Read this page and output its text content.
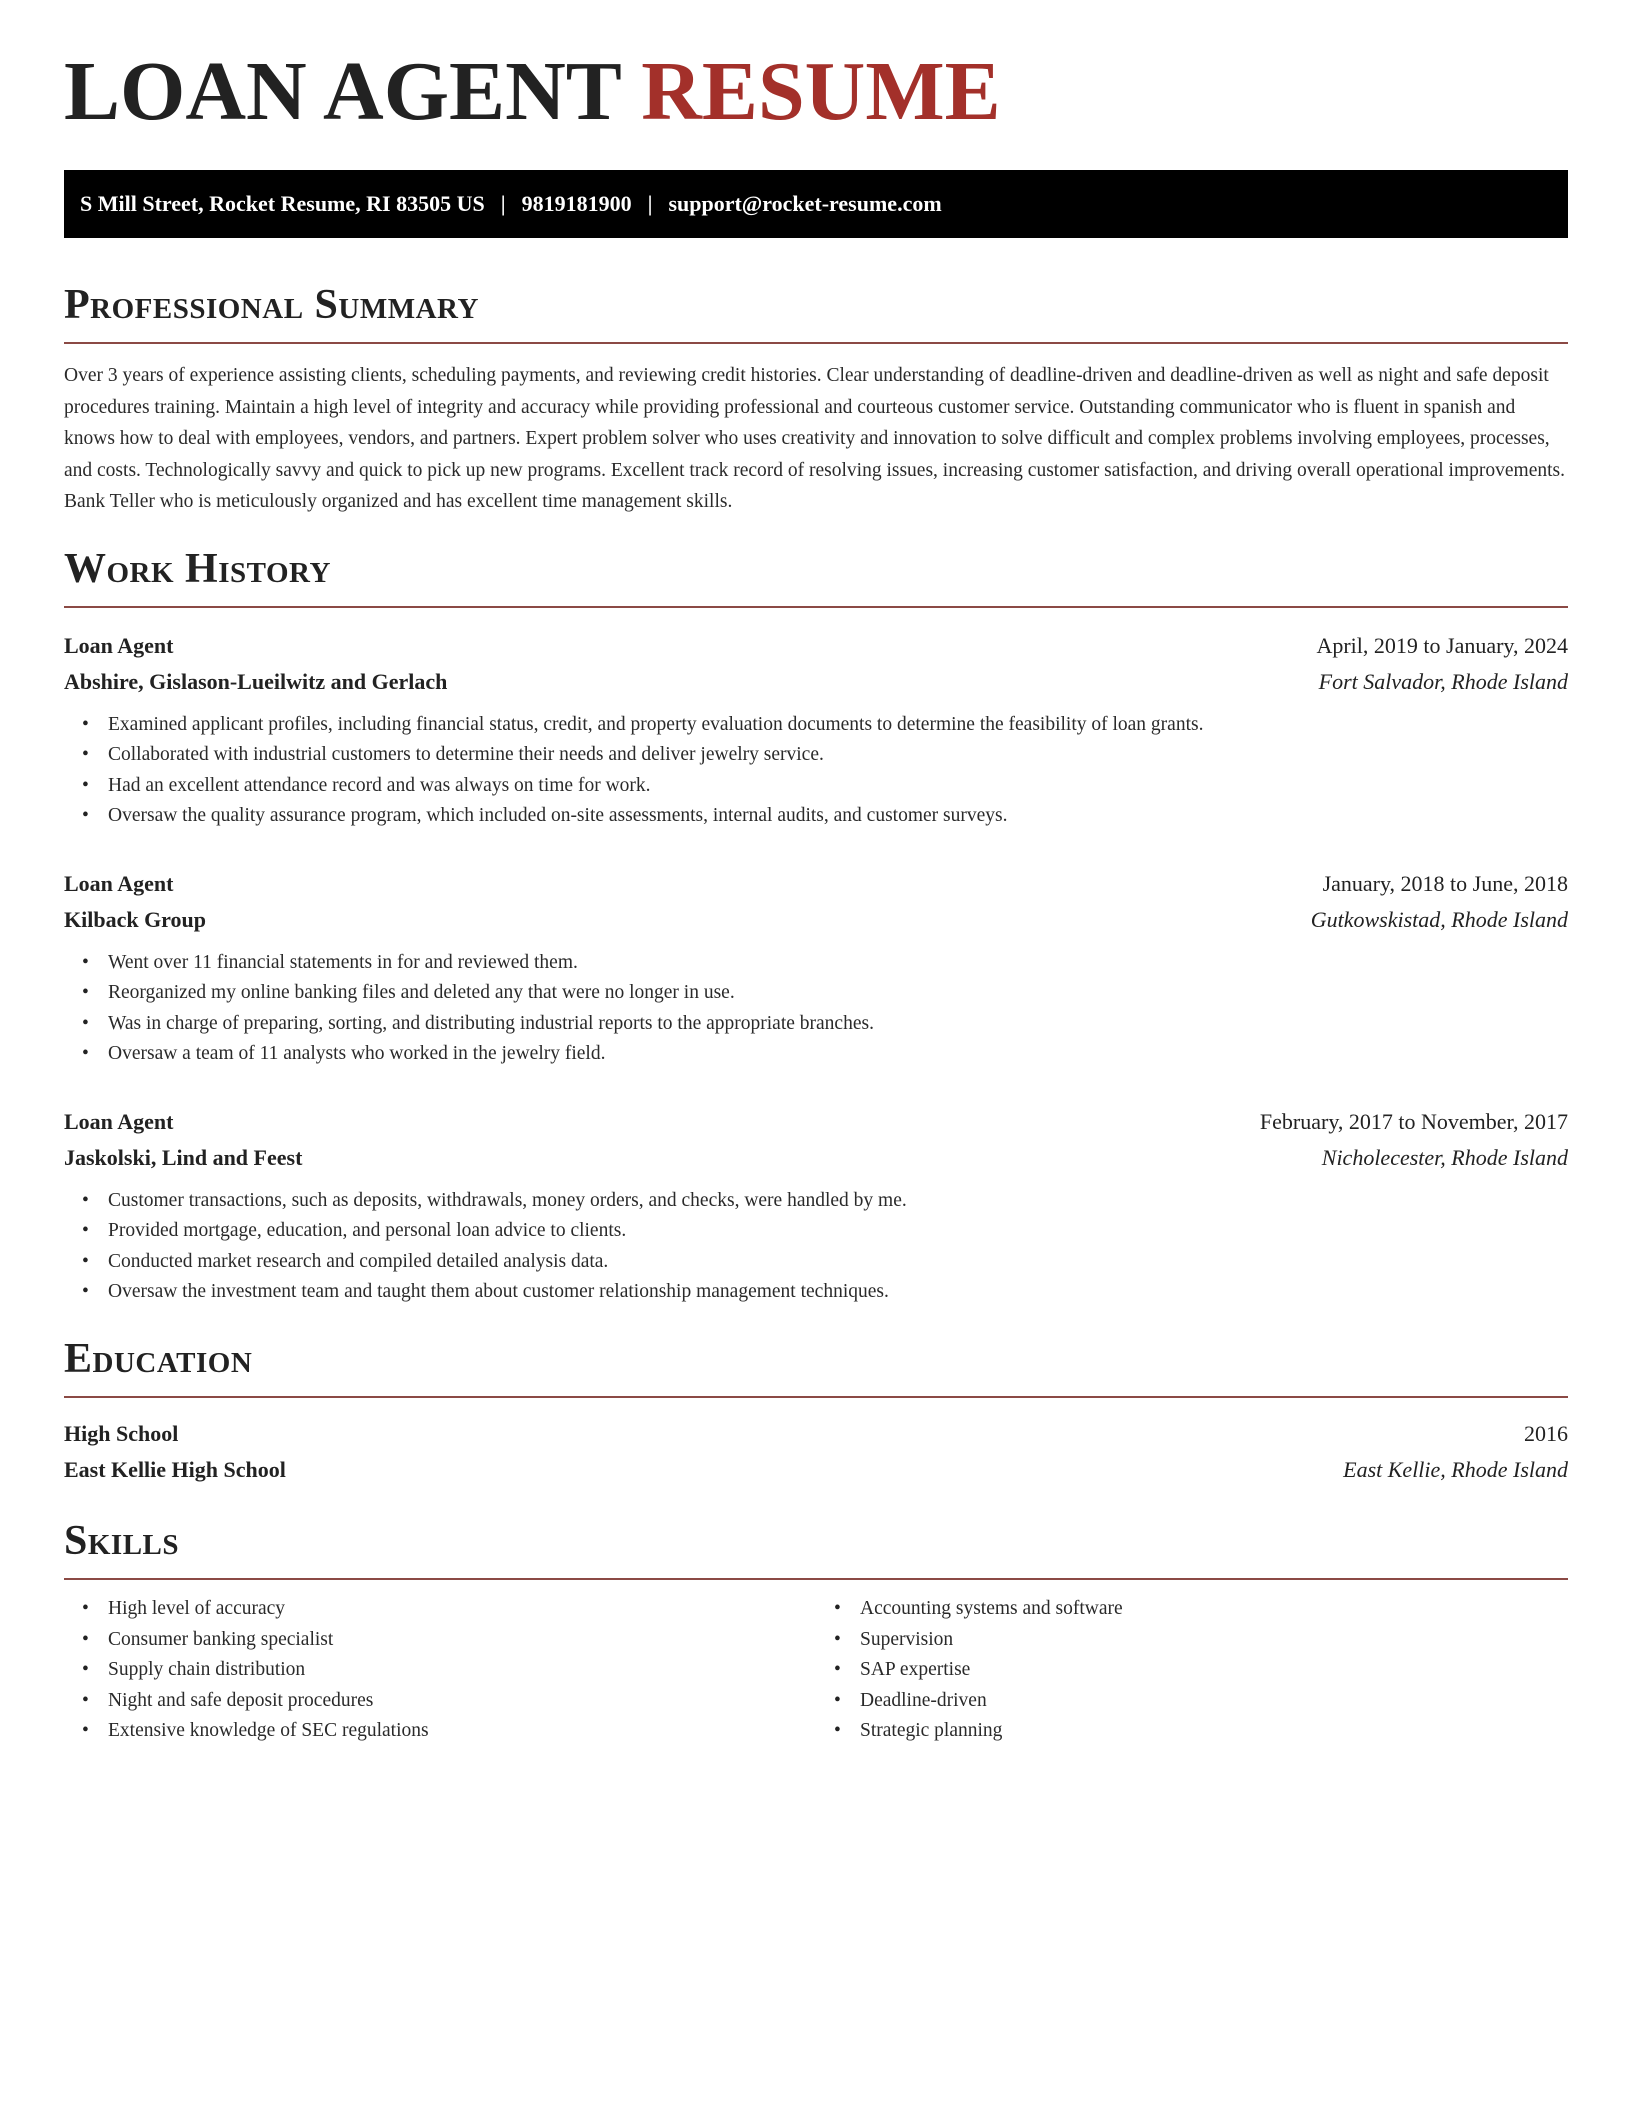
LOAN AGENT RESUME
S Mill Street, Rocket Resume, RI 83505 US | 9819181900 | support@rocket-resume.com
Professional Summary

Over 3 years of experience assisting clients, scheduling payments, and reviewing credit histories. Clear understanding of deadline-driven and deadline-driven as well as night and safe deposit procedures training. Maintain a high level of integrity and accuracy while providing professional and courteous customer service. Outstanding communicator who is fluent in spanish and knows how to deal with employees, vendors, and partners. Expert problem solver who uses creativity and innovation to solve difficult and complex problems involving employees, processes, and costs. Technologically savvy and quick to pick up new programs. Excellent track record of resolving issues, increasing customer satisfaction, and driving overall operational improvements. Bank Teller who is meticulously organized and has excellent time management skills.

Work History
Loan Agent	April, 2019 to January, 2024
Abshire, Gislason-Lueilwitz and Gerlach	Fort Salvador, Rhode Island
• Examined applicant profiles, including financial status, credit, and property evaluation documents to determine the feasibility of loan grants.
• Collaborated with industrial customers to determine their needs and deliver jewelry service.
• Had an excellent attendance record and was always on time for work.
• Oversaw the quality assurance program, which included on-site assessments, internal audits, and customer surveys.
Loan Agent	January, 2018 to June, 2018
Kilback Group	Gutkowskistad, Rhode Island
• Went over 11 financial statements in for and reviewed them.
• Reorganized my online banking files and deleted any that were no longer in use.
• Was in charge of preparing, sorting, and distributing industrial reports to the appropriate branches.
• Oversaw a team of 11 analysts who worked in the jewelry field.
Loan Agent	February, 2017 to November, 2017
Jaskolski, Lind and Feest	Nicholecester, Rhode Island
• Customer transactions, such as deposits, withdrawals, money orders, and checks, were handled by me.
• Provided mortgage, education, and personal loan advice to clients.
• Conducted market research and compiled detailed analysis data.
• Oversaw the investment team and taught them about customer relationship management techniques.
Education
High School	2016
East Kellie High School	East Kellie, Rhode Island
Skills
• High level of accuracy
• Consumer banking specialist
• Supply chain distribution
• Night and safe deposit procedures
• Extensive knowledge of SEC regulations
• Accounting systems and software
• Supervision
• SAP expertise
• Deadline-driven
• Strategic planning
